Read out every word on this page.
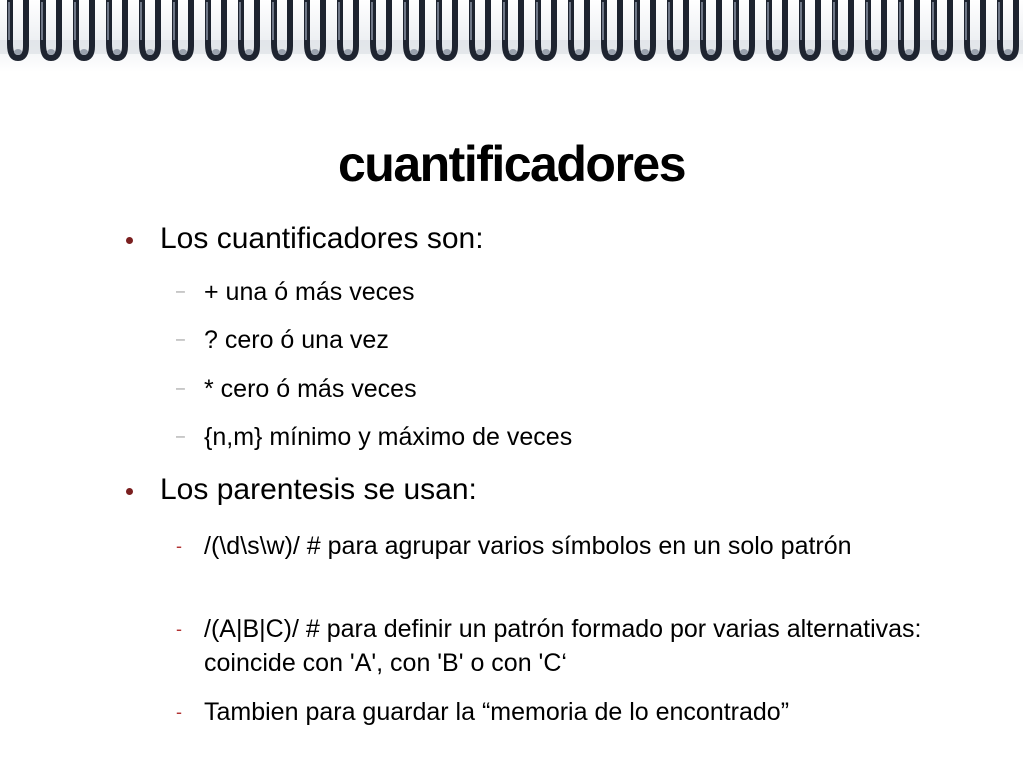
cuantificadores
Los cuantificadores son:
– + una ó más veces
– ? cero ó una vez
– * cero ó más veces
– {n,m} mínimo y máximo de veces
Los parentesis se usan:
- /(\d\s\w)/ # para agrupar varios símbolos en un solo patrón
- /(A|B|C)/ # para definir un patrón formado por varias alternativas: coincide con 'A', con 'B' o con 'C‘
- Tambien para guardar la “memoria de lo encontrado”
